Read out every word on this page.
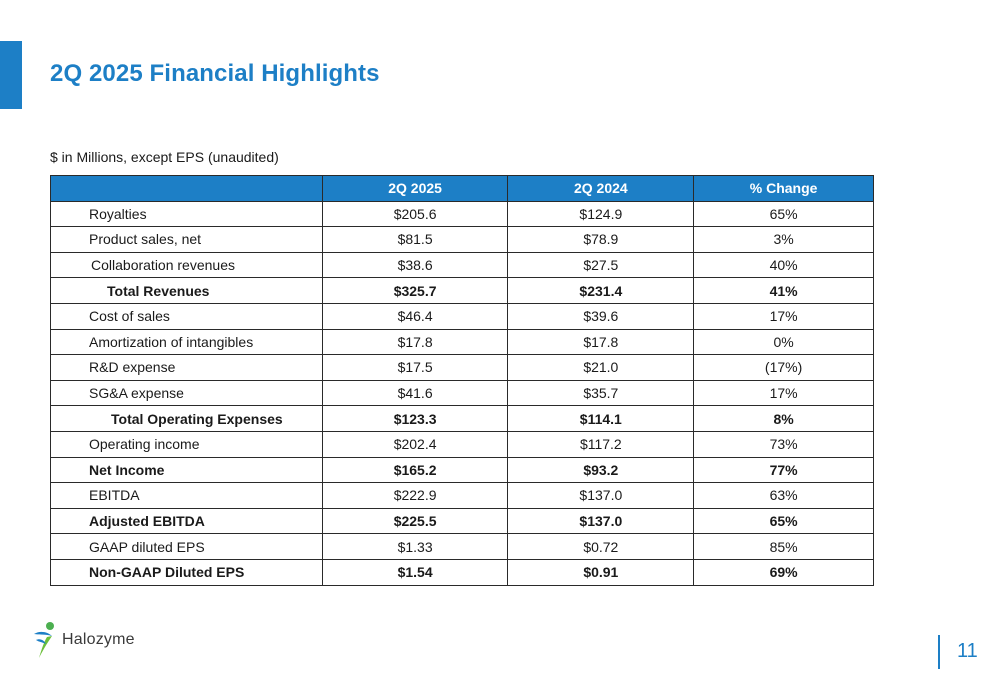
2Q 2025 Financial Highlights
$ in Millions, except EPS (unaudited)
	2Q 2025	2Q 2024	% Change
Royalties	$205.6	$124.9	65%
Product sales, net	$81.5	$78.9	3%
Collaboration revenues	$38.6	$27.5	40%
Total Revenues	$325.7	$231.4	41%
Cost of sales	$46.4	$39.6	17%
Amortization of intangibles	$17.8	$17.8	0%
R&D expense	$17.5	$21.0	(17%)
SG&A expense	$41.6	$35.7	17%
Total Operating Expenses	$123.3	$114.1	8%
Operating income	$202.4	$117.2	73%
Net Income	$165.2	$93.2	77%
EBITDA	$222.9	$137.0	63%
Adjusted EBITDA	$225.5	$137.0	65%
GAAP diluted EPS	$1.33	$0.72	85%
Non-GAAP Diluted EPS	$1.54	$0.91	69%
Halozyme
11
